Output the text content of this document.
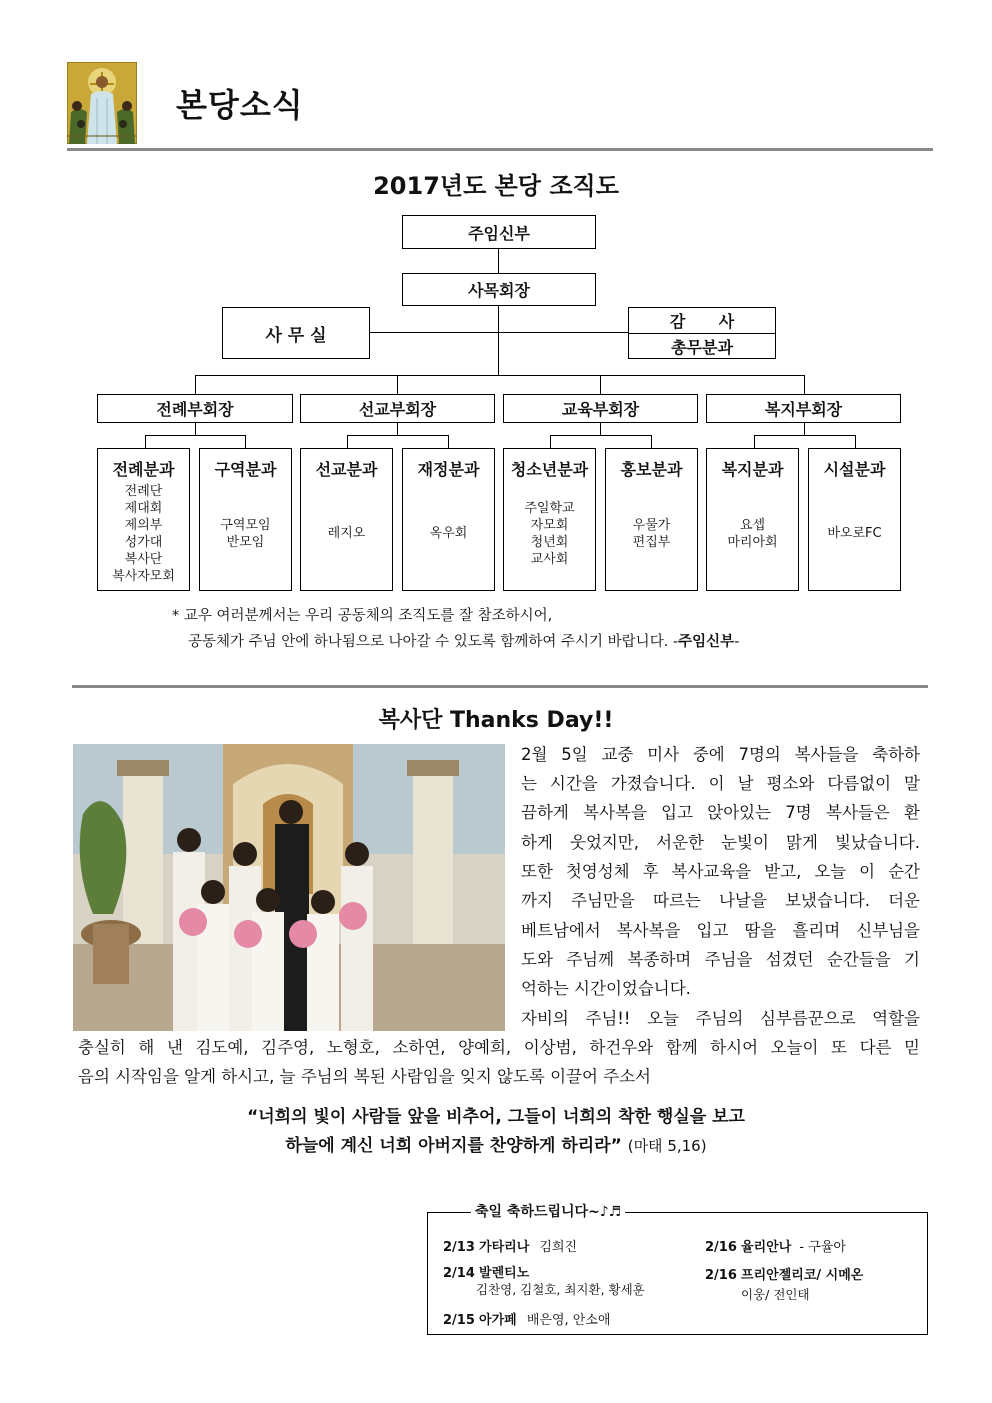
본당소식
2017년도 본당 조직도
주임신부
사목회장
사 무 실
감      사
총무분과
전례부회장	선교부회장	교육부회장	복지부회장
전례분과
전례단
제대회
제의부
성가대
복사단
복사자모회
구역분과
구역모임
반모임
선교분과
레지오
재정분과
옥우회
청소년분과
주일학교
자모회
청년회
교사회
홍보분과
우물가
편집부
복지분과
요셉
마리아회
시설분과
바오로FC
* 교우 여러분께서는 우리 공동체의 조직도를 잘 참조하시어,
공동체가 주님 안에 하나됨으로 나아갈 수 있도록 함께하여 주시기 바랍니다. -주임신부-
복사단 Thanks Day!!
2월 5일 교중 미사 중에 7명의 복사들을 축하하
는 시간을 가졌습니다. 이 날 평소와 다름없이 말
끔하게 복사복을 입고 앉아있는 7명 복사들은 환
하게 웃었지만, 서운한 눈빛이 맑게 빛났습니다.
또한 첫영성체 후 복사교육을 받고, 오늘 이 순간
까지 주님만을 따르는 나날을 보냈습니다. 더운
베트남에서 복사복을 입고 땀을 흘리며 신부님을
도와 주님께 복종하며 주님을 섬겼던 순간들을 기
억하는 시간이었습니다.
자비의 주님!! 오늘 주님의 심부름꾼으로 역할을
충실히 해 낸 김도예, 김주영, 노형호, 소하연, 양예희, 이상범, 하건우와 함께 하시어 오늘이 또 다른 믿
음의 시작임을 알게 하시고, 늘 주님의 복된 사람임을 잊지 않도록 이끌어 주소서
“너희의 빛이 사람들 앞을 비추어, 그들이 너희의 착한 행실을 보고
하늘에 계신 너희 아버지를 찬양하게 하리라” (마태 5,16)
축일 축하드립니다~♪♬
2/13 가타리나 김희진
2/14 발렌티노
김찬영, 김철호, 최지환, 황세훈
2/15 아가페 배은영, 안소애
2/16 율리안나 - 구율아
2/16 프리안젤리코/ 시메온
이웅/ 전인태
